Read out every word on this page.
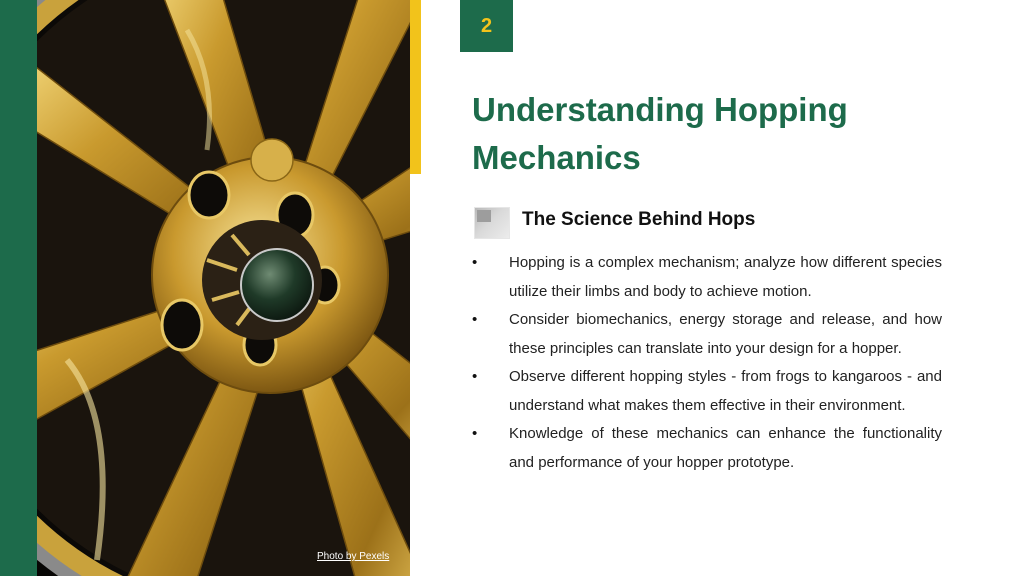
Photo by Pexels
2
Understanding Hopping Mechanics
The Science Behind Hops

• Hopping is a complex mechanism; analyze how different species utilize their limbs and body to achieve motion.

• Consider biomechanics, energy storage and release, and how these principles can translate into your design for a hopper.

• Observe different hopping styles - from frogs to kangaroos - and understand what makes them effective in their environment.

• Knowledge of these mechanics can enhance the functionality and performance of your hopper prototype.
